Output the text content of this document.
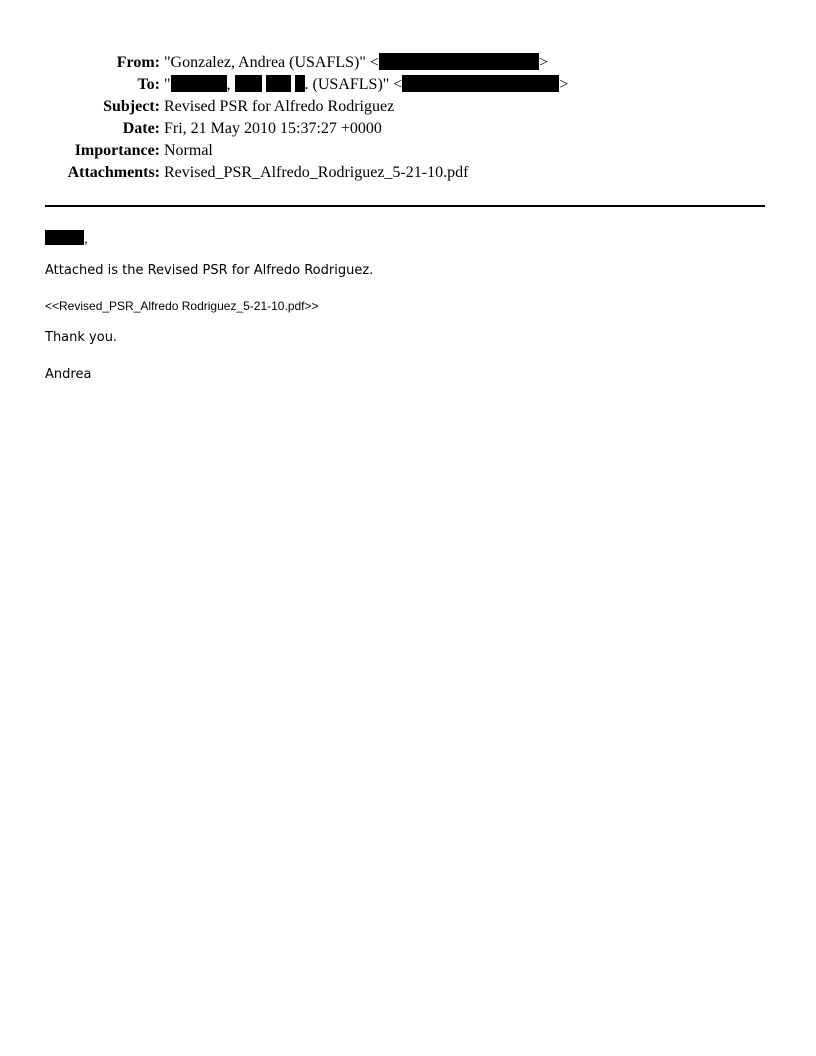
From: "Gonzalez, Andrea (USAFLS)" <	>
To: "	,	. (USAFLS)" <	>
Subject: Revised PSR for Alfredo Rodriguez
Date: Fri, 21 May 2010 15:37:27 +0000
Importance: Normal
Attachments: Revised_PSR_Alfredo_Rodriguez_5-21-10.pdf
,
Attached is the Revised PSR for Alfredo Rodriguez.
<<Revised_PSR_Alfredo Rodriguez_5-21-10.pdf>>
Thank you.
Andrea
